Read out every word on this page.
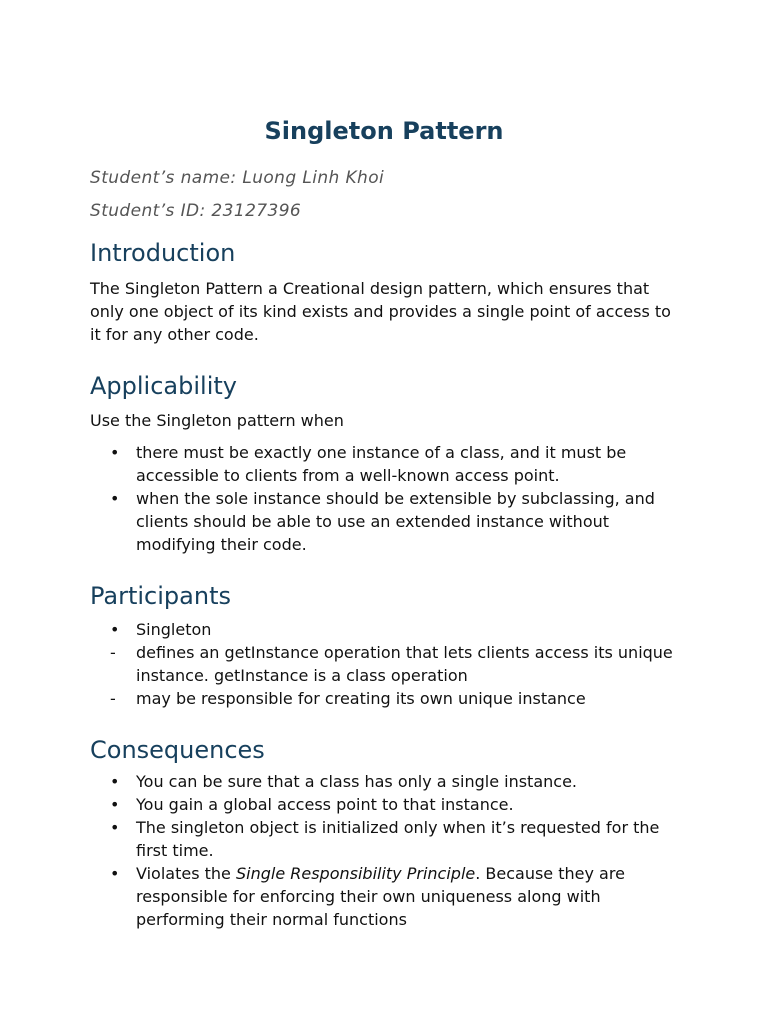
Singleton Pattern

Student’s name: Luong Linh Khoi

Student’s ID: 23127396

Introduction

The Singleton Pattern a Creational design pattern, which ensures that only one object of its kind exists and provides a single point of access to it for any other code.

Applicability

Use the Singleton pattern when

•	there must be exactly one instance of a class, and it must be accessible to clients from a well-known access point.
•	when the sole instance should be extensible by subclassing, and clients should be able to use an extended instance without modifying their code.
Participants
•	Singleton
-	defines an getInstance operation that lets clients access its unique instance. getInstance is a class operation
-	may be responsible for creating its own unique instance
Consequences
•	You can be sure that a class has only a single instance.
•	You gain a global access point to that instance.
•	The singleton object is initialized only when it’s requested for the first time.
•	Violates the Single Responsibility Principle. Because they are responsible for enforcing their own uniqueness along with performing their normal functions
